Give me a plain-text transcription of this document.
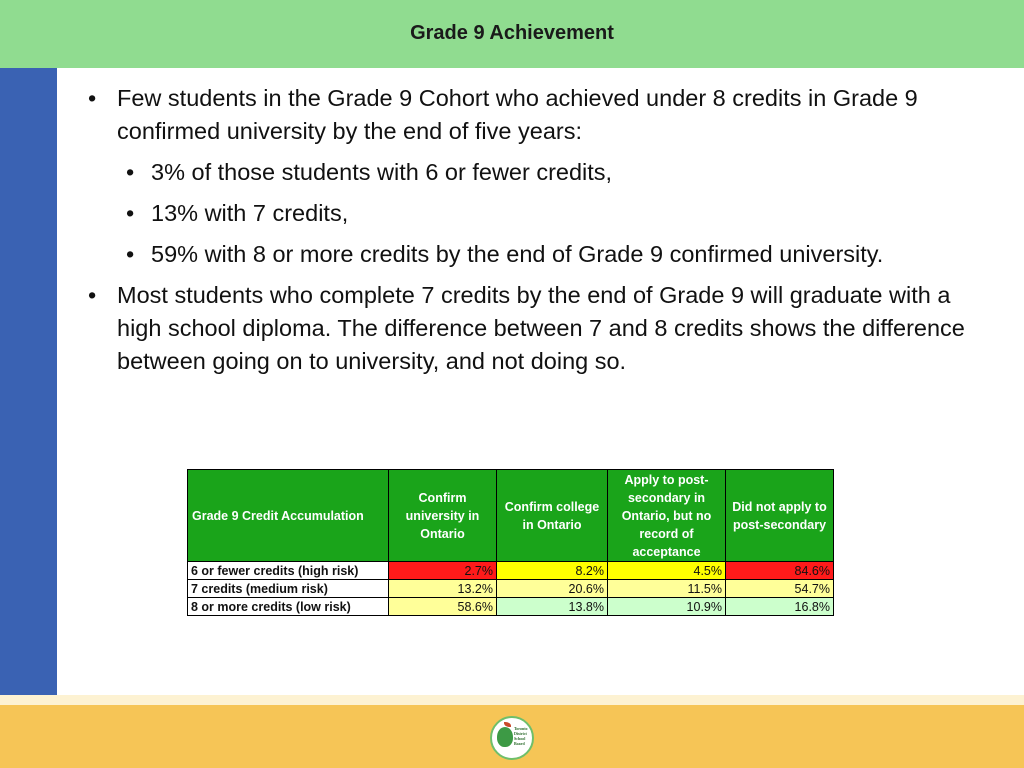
Grade 9 Achievement
Toronto
District
School
Board
• Few students in the Grade 9 Cohort who achieved under 8 credits in Grade 9 confirmed university by the end of five years:
• 3% of those students with 6 or fewer credits,
• 13% with 7 credits,
• 59% with 8 or more credits by the end of Grade 9 confirmed university.
• Most students who complete 7 credits by the end of Grade 9 will graduate with a high school diploma. The difference between 7 and 8 credits shows the difference between going on to university, and not doing so.
Grade 9 Credit Accumulation	Confirm university in Ontario	Confirm college in Ontario	Apply to post-secondary in Ontario, but no record of acceptance	Did not apply to post-secondary
6 or fewer credits (high risk)	2.7%	8.2%	4.5%	84.6%
7 credits (medium risk)	13.2%	20.6%	11.5%	54.7%
8 or more credits (low risk)	58.6%	13.8%	10.9%	16.8%
